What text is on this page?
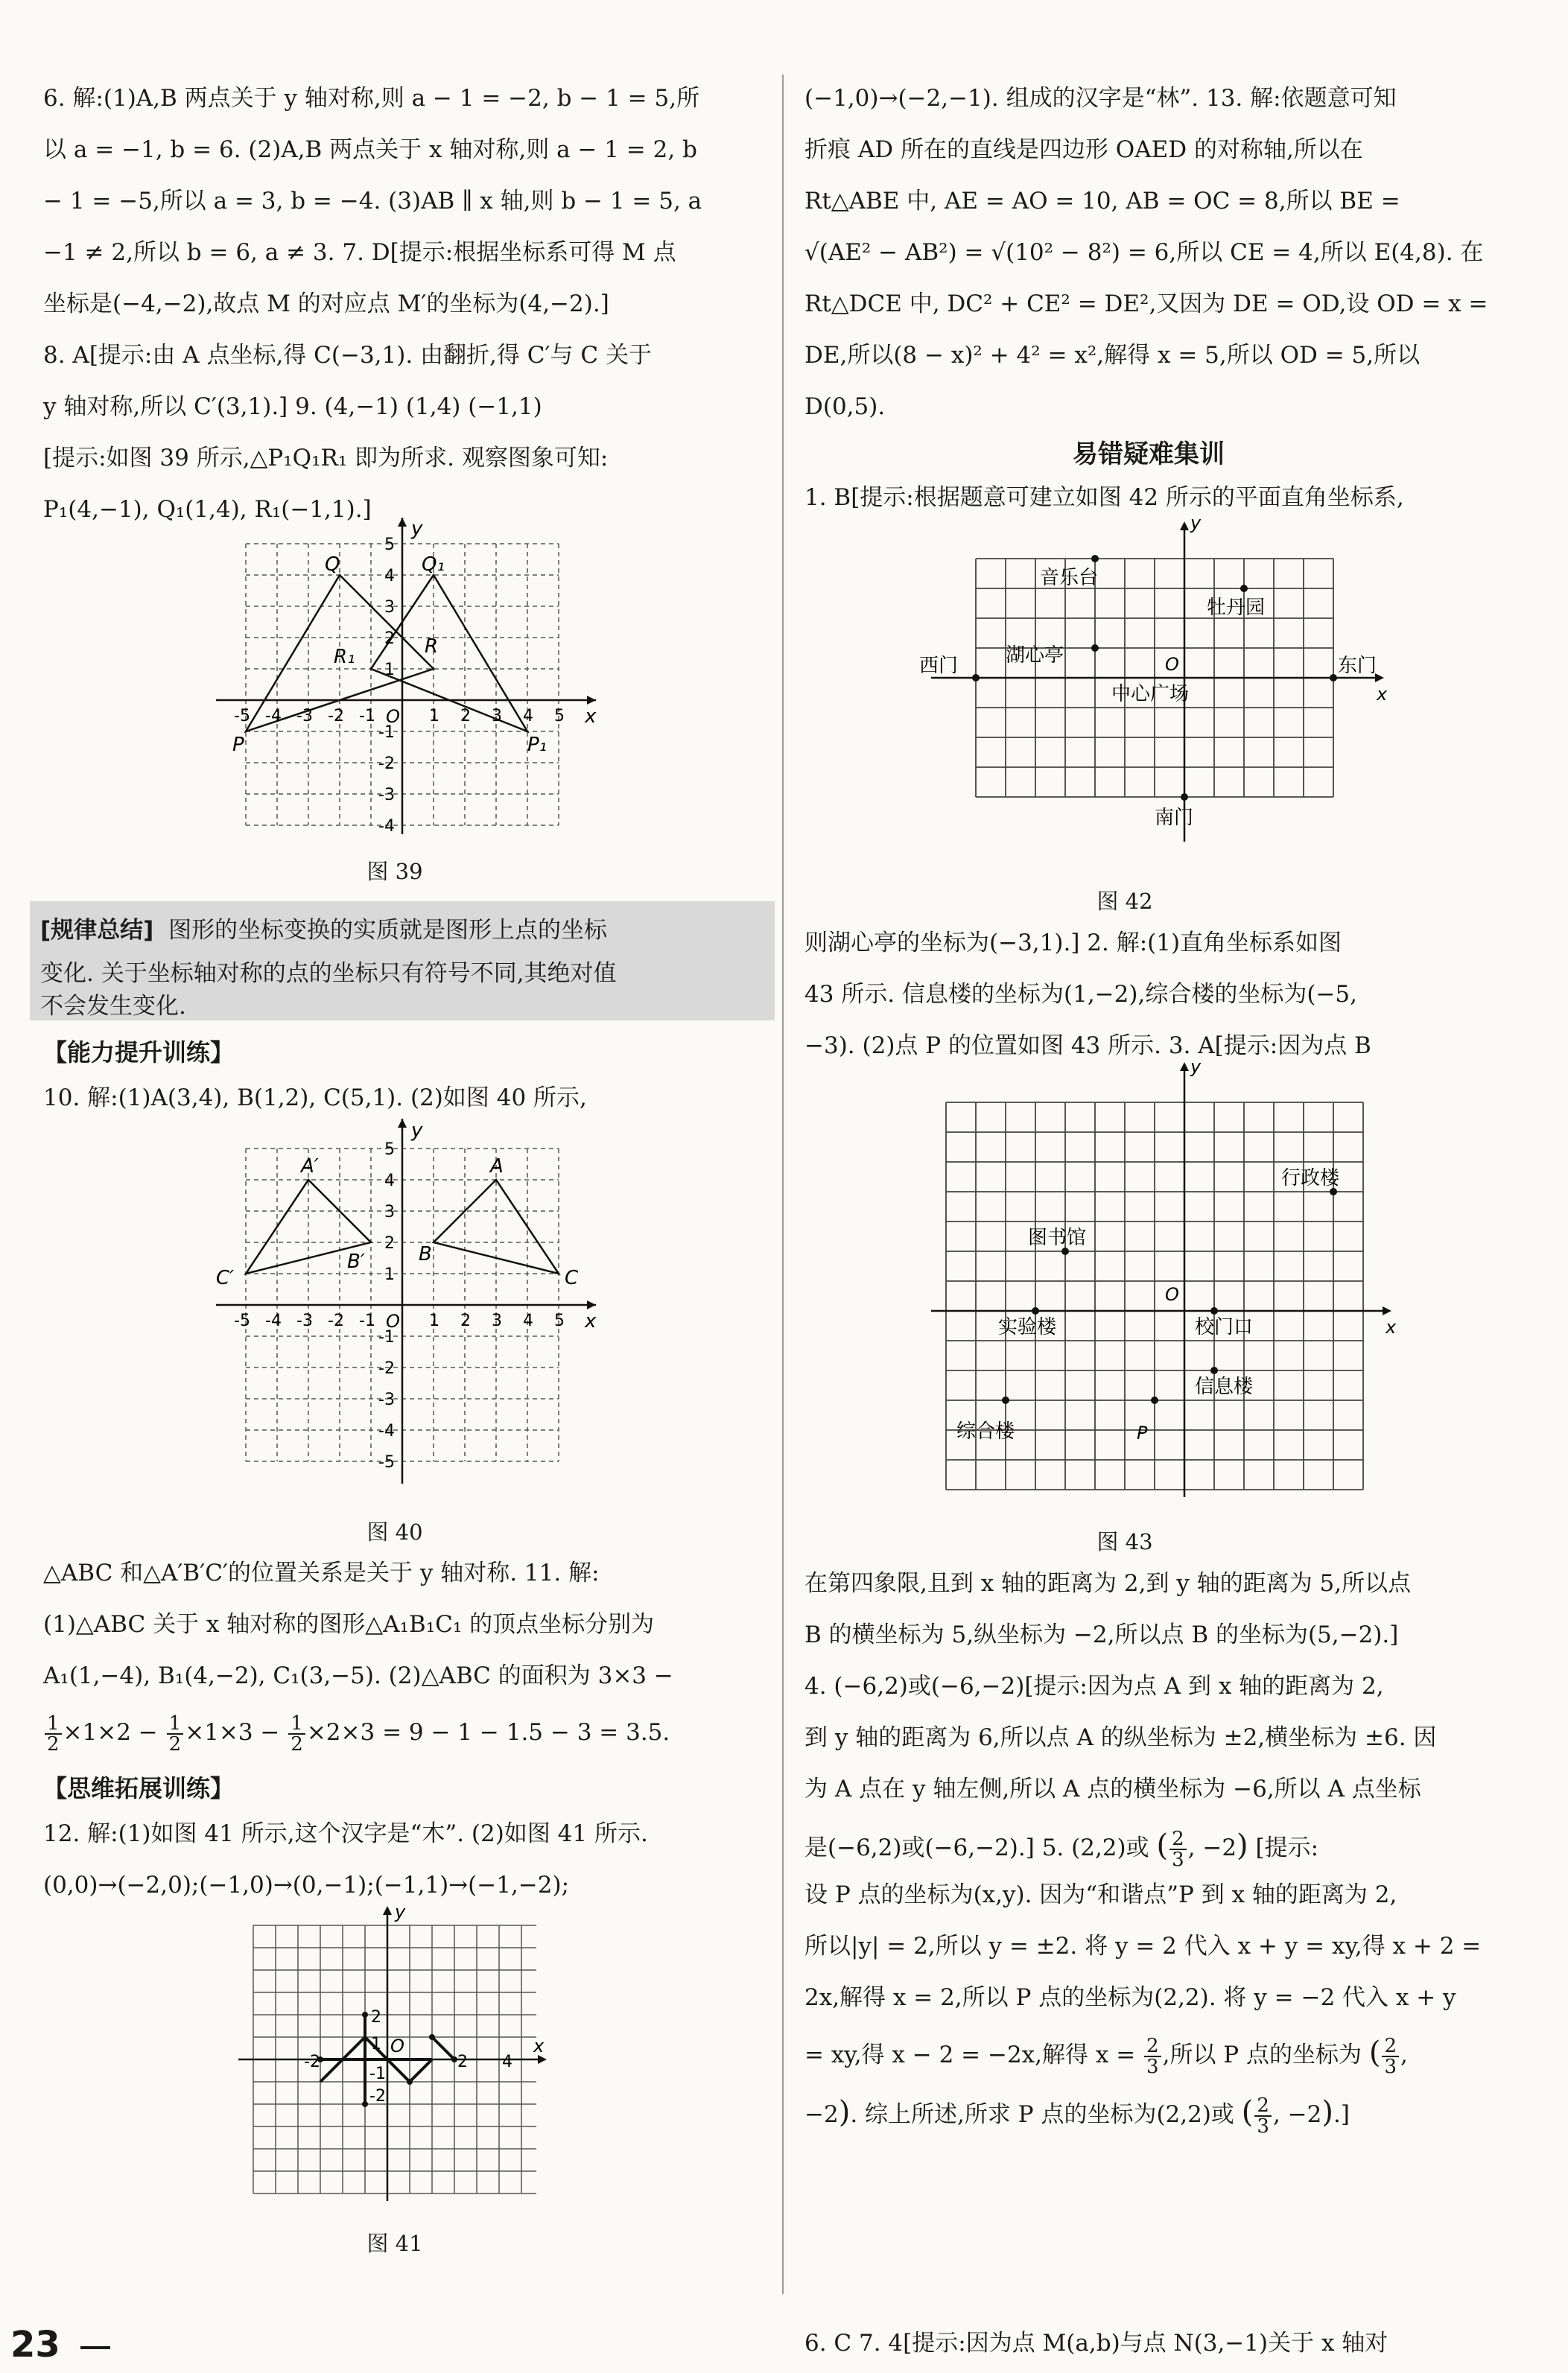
6. 解:(1)A,B 两点关于 y 轴对称,则 a − 1 = −2, b − 1 = 5,所
以 a = −1, b = 6. (2)A,B 两点关于 x 轴对称,则 a − 1 = 2, b
− 1 = −5,所以 a = 3, b = −4. (3)AB ∥ x 轴,则 b − 1 = 5, a
−1 ≠ 2,所以 b = 6, a ≠ 3. 7. D[提示:根据坐标系可得 M 点
坐标是(−4,−2),故点 M 的对应点 M′的坐标为(4,−2).]
8. A[提示:由 A 点坐标,得 C(−3,1). 由翻折,得 C′与 C 关于
y 轴对称,所以 C′(3,1).] 9. (4,−1) (1,4) (−1,1)
[提示:如图 39 所示,△P₁Q₁R₁ 即为所求. 观察图象可知:
P₁(4,−1), Q₁(1,4), R₁(−1,1).]
x
y
O
Q	Q₁
R₁	R
P	P₁
-5 -4 -3 -2 -1	1 2 3 4 5
5
4
3
2
1
-1
-2
-3
-4
图 39
[规律总结] 图形的坐标变换的实质就是图形上点的坐标
变化. 关于坐标轴对称的点的坐标只有符号不同,其绝对值
不会发生变化.
【能力提升训练】
10. 解:(1)A(3,4), B(1,2), C(5,1). (2)如图 40 所示,
x
y
O
A′	A
B′	B
C′	C
-5 -4 -3 -2 -1	1 2 3 4 5
5
4
3
2
1
-1
-2
-3
-4
-5
图 40
△ABC 和△A′B′C′的位置关系是关于 y 轴对称. 11. 解:
(1)△ABC 关于 x 轴对称的图形△A₁B₁C₁ 的顶点坐标分别为
A₁(1,−4), B₁(4,−2), C₁(3,−5). (2)△ABC 的面积为 3×3 −
$\frac{1}{2} \times 1\times 2 - \frac{1}{2} \times 1\times 3 - \frac{1}{2} \times 2\times 3 = 9 - 1 - 1.5 - 3 = 3.5$.
【思维拓展训练】
12. 解:(1)如图 41 所示,这个汉字是“木”. (2)如图 41 所示.
(0,0)→(−2,0);(−1,0)→(0,−1);(−1,1)→(−1,−2);
y
x
O
2
1
-2	2 4
-1
-2
图 41
23
(−1,0)→(−2,−1). 组成的汉字是“林”. 13. 解:依题意可知
折痕 AD 所在的直线是四边形 OAED 的对称轴,所以在
Rt△ABE 中, AE = AO = 10, AB = OC = 8,所以 BE =
√(AE² − AB²) = √(10² − 8²) = 6,所以 CE = 4,所以 E(4,8). 在
Rt△DCE 中, DC² + CE² = DE²,又因为 DE = OD,设 OD = x =
DE,所以(8 − x)² + 4² = x²,解得 x = 5,所以 OD = 5,所以
D(0,5).
易错疑难集训
1. B[提示:根据题意可建立如图 42 所示的平面直角坐标系,
y
x
O
音乐台
牡丹园
西门 湖心亭	东门
中心广场
南门
图 42
则湖心亭的坐标为(−3,1).] 2. 解:(1)直角坐标系如图
43 所示. 信息楼的坐标为(1,−2),综合楼的坐标为(−5,
−3). (2)点 P 的位置如图 43 所示. 3. A[提示:因为点 B
y
x
O
P
行政楼
图书馆
实验楼	校门口
信息楼
综合楼
图 43
在第四象限,且到 x 轴的距离为 2,到 y 轴的距离为 5,所以点
B 的横坐标为 5,纵坐标为 −2,所以点 B 的坐标为(5,−2).]
4. (−6,2)或(−6,−2)[提示:因为点 A 到 x 轴的距离为 2,
到 y 轴的距离为 6,所以点 A 的纵坐标为 ±2,横坐标为 ±6. 因
为 A 点在 y 轴左侧,所以 A 点的横坐标为 −6,所以 A 点坐标
是(−6,2)或(−6,−2).] 5. (2,2)或 ( $\frac{2}{3}$ , −2) [提示:
设 P 点的坐标为(x,y). 因为“和谐点”P 到 x 轴的距离为 2,
所以|y| = 2,所以 y = ±2. 将 y = 2 代入 x + y = xy,得 x + 2 =
2x,解得 x = 2,所以 P 点的坐标为(2,2). 将 y = −2 代入 x + y
= xy,得 x − 2 = −2x,解得 $x = \frac{2}{3}$ ,所以 P 点的坐标为 ( $\frac{2}{3}$ ,
−2). 综上所述,所求 P 点的坐标为(2,2)或 ( $\frac{2}{3}$ , −2).]
6. C 7. 4[提示:因为点 M(a,b)与点 N(3,−1)关于 x 轴对
